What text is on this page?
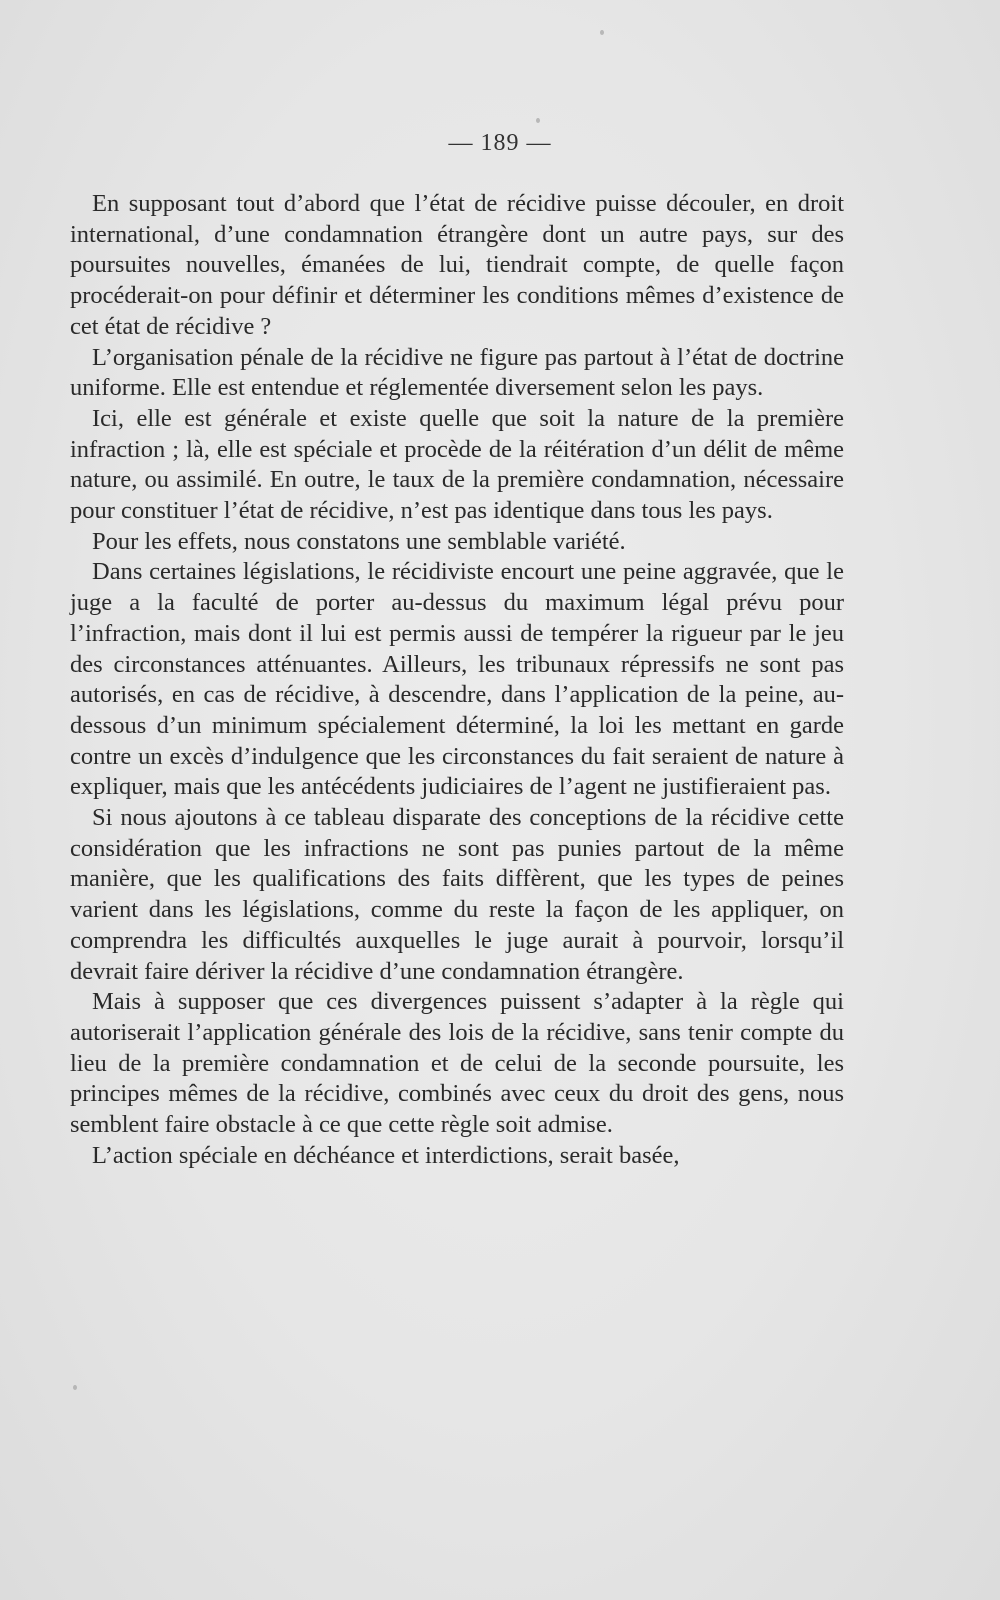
— 189 —

En supposant tout d’abord que l’état de récidive puisse découler, en droit international, d’une condamnation étrangère dont un autre pays, sur des poursuites nouvelles, émanées de lui, tiendrait compte, de quelle façon procéderait-on pour définir et déterminer les conditions mêmes d’existence de cet état de récidive ?

L’organisation pénale de la récidive ne figure pas partout à l’état de doctrine uniforme. Elle est entendue et réglementée diversement selon les pays.

Ici, elle est générale et existe quelle que soit la nature de la première infraction ; là, elle est spéciale et procède de la réitération d’un délit de même nature, ou assimilé. En outre, le taux de la première condamnation, nécessaire pour constituer l’état de récidive, n’est pas identique dans tous les pays.

Pour les effets, nous constatons une semblable variété.

Dans certaines législations, le récidiviste encourt une peine aggravée, que le juge a la faculté de porter au-dessus du maximum légal prévu pour l’infraction, mais dont il lui est permis aussi de tempérer la rigueur par le jeu des circonstances atténuantes. Ailleurs, les tribunaux répressifs ne sont pas autorisés, en cas de récidive, à descendre, dans l’application de la peine, au-dessous d’un minimum spécialement déterminé, la loi les mettant en garde contre un excès d’indulgence que les circonstances du fait seraient de nature à expliquer, mais que les antécédents judiciaires de l’agent ne justifieraient pas.

Si nous ajoutons à ce tableau disparate des conceptions de la récidive cette considération que les infractions ne sont pas punies partout de la même manière, que les qualifications des faits diffèrent, que les types de peines varient dans les législations, comme du reste la façon de les appliquer, on comprendra les difficultés auxquelles le juge aurait à pourvoir, lorsqu’il devrait faire dériver la récidive d’une condamnation étrangère.

Mais à supposer que ces divergences puissent s’adapter à la règle qui autoriserait l’application générale des lois de la récidive, sans tenir compte du lieu de la première condamnation et de celui de la seconde poursuite, les principes mêmes de la récidive, combinés avec ceux du droit des gens, nous semblent faire obstacle à ce que cette règle soit admise.

L’action spéciale en déchéance et interdictions, serait basée,
